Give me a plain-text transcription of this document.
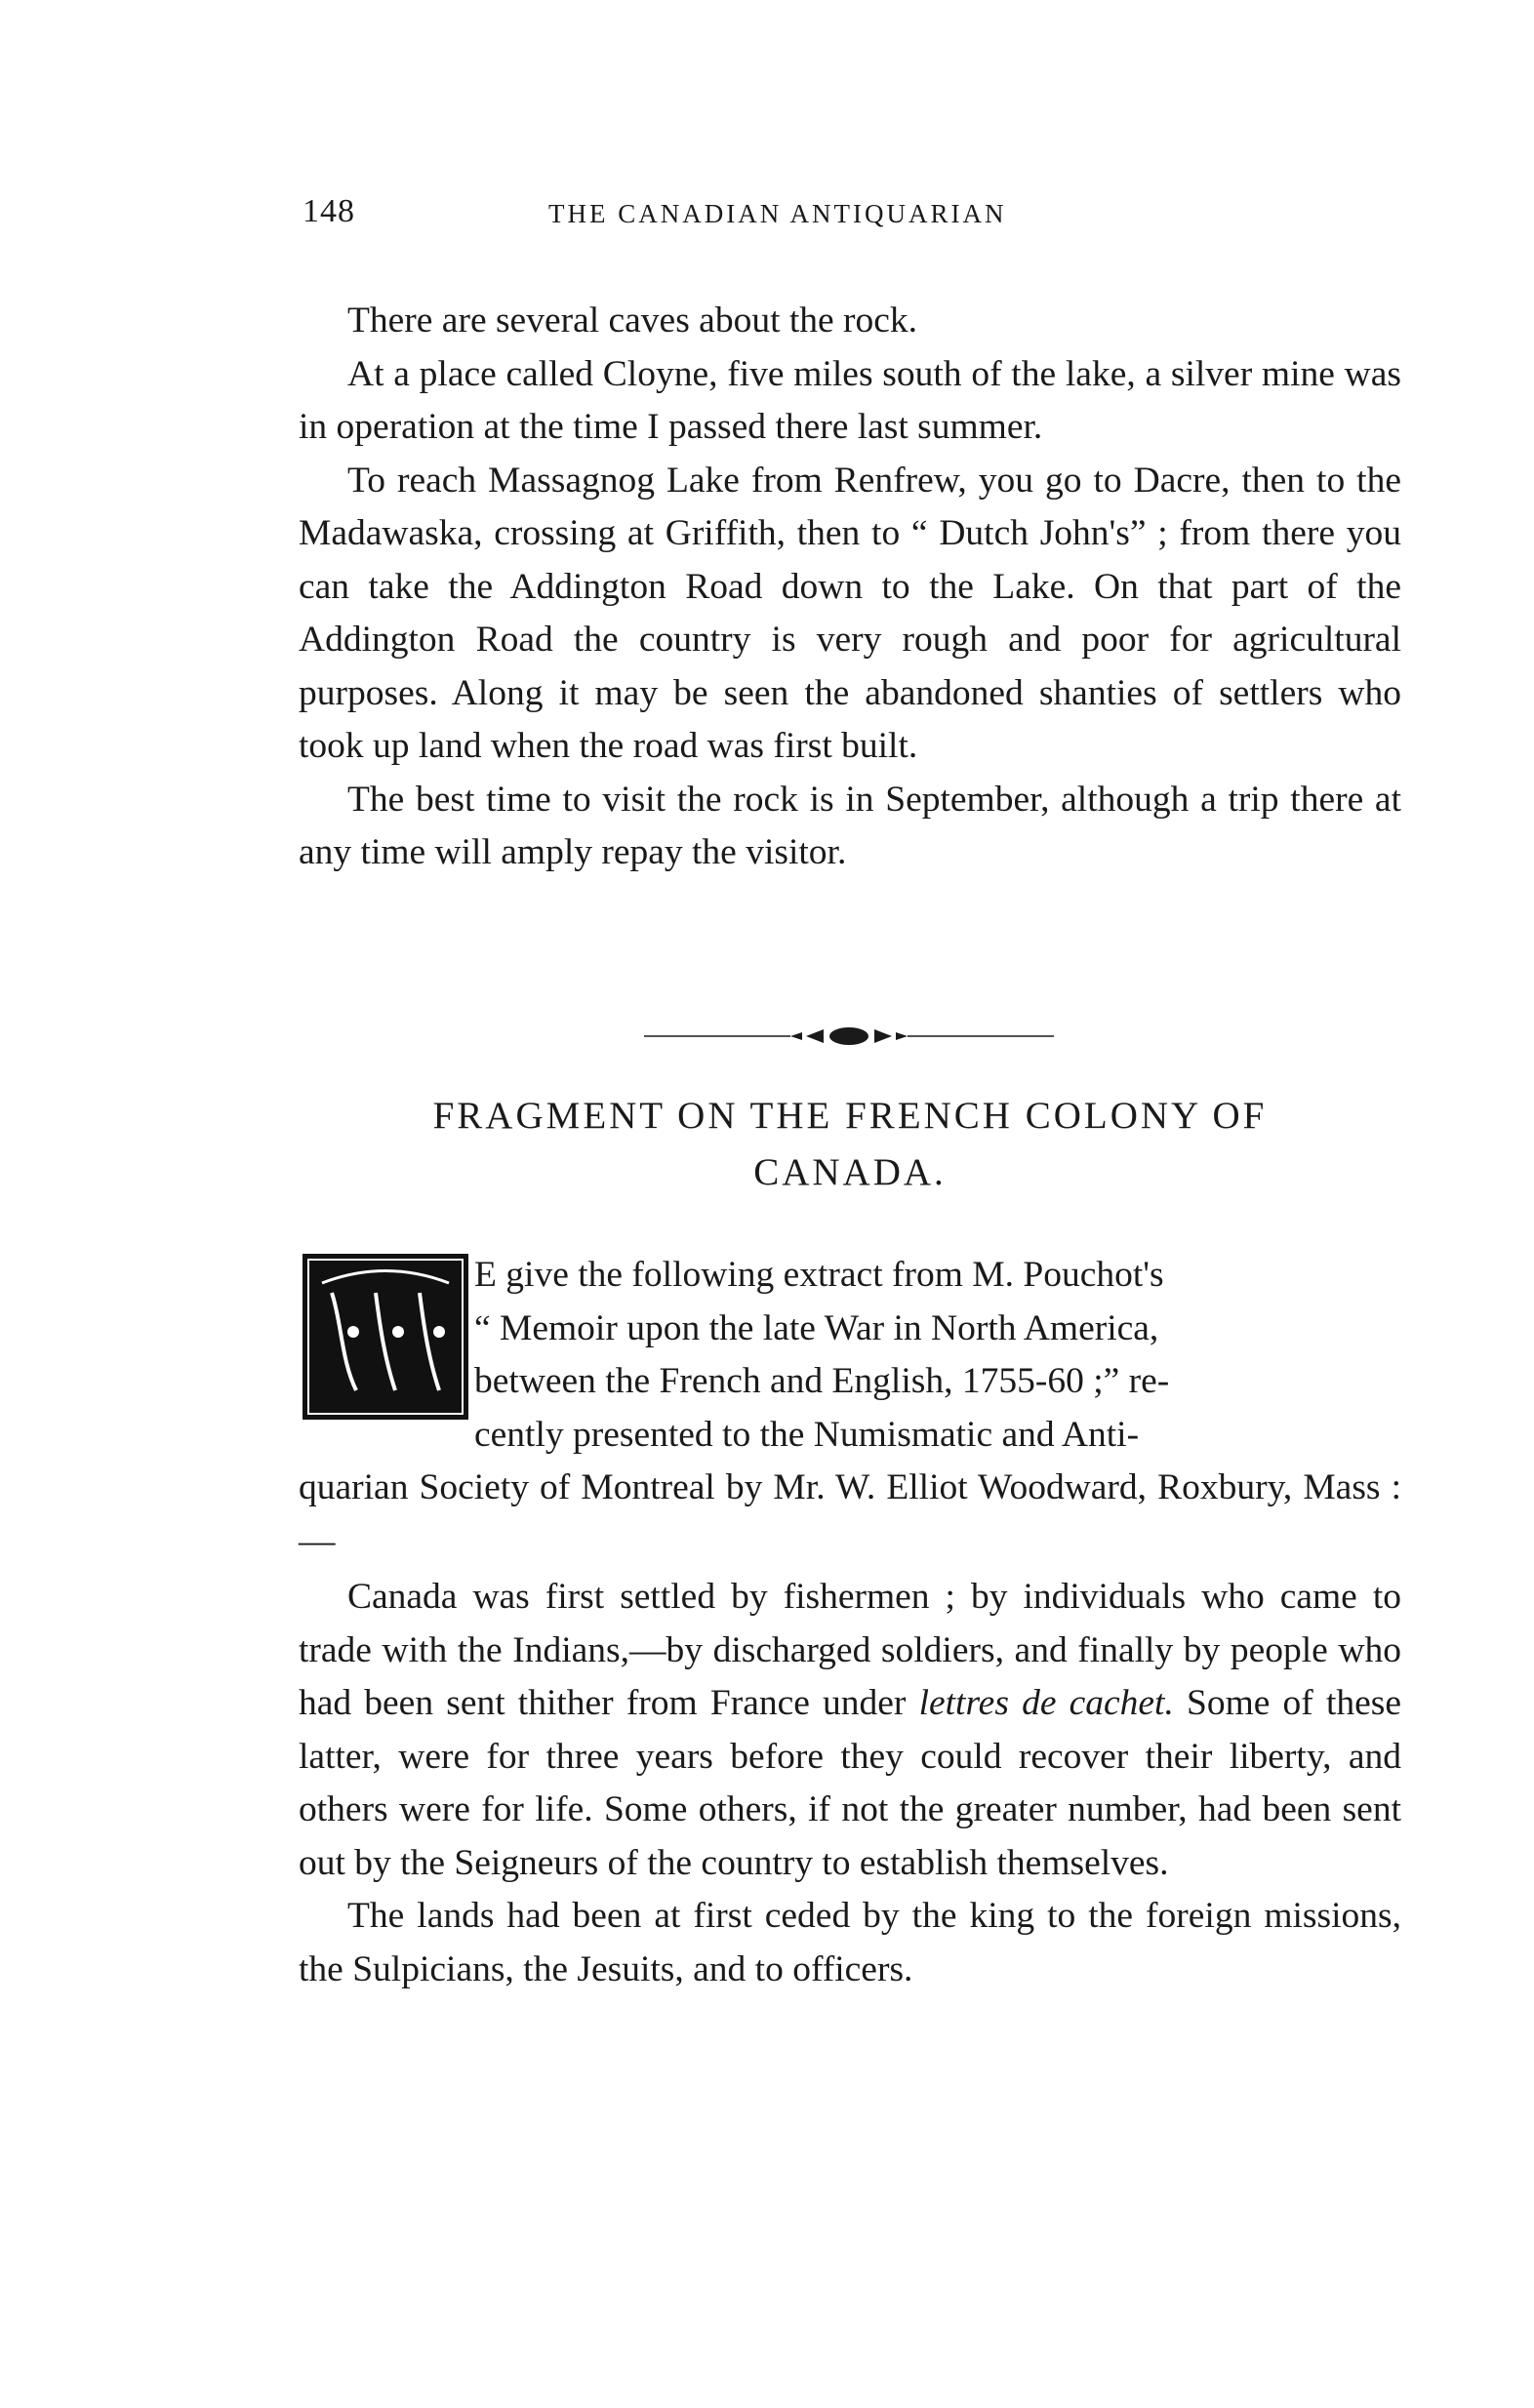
148	THE CANADIAN ANTIQUARIAN

There are several caves about the rock.

At a place called Cloyne, five miles south of the lake, a silver mine was in operation at the time I passed there last summer.

To reach Massagnog Lake from Renfrew, you go to Dacre, then to the Madawaska, crossing at Griffith, then to “ Dutch John's” ; from there you can take the Addington Road down to the Lake. On that part of the Addington Road the country is very rough and poor for agricultural purposes. Along it may be seen the abandoned shanties of settlers who took up land when the road was first built.

The best time to visit the rock is in September, although a trip there at any time will amply repay the visitor.

FRAGMENT ON THE FRENCH COLONY OF
CANADA.
E give the following extract from M. Pouchot's
“ Memoir upon the late War in North America,
between the French and English, 1755-60 ;” re-
cently presented to the Numismatic and Anti-
quarian Society of Montreal by Mr. W. Elliot Woodward, Roxbury, Mass :—

Canada was first settled by fishermen ; by individuals who came to trade with the Indians,—by discharged soldiers, and finally by people who had been sent thither from France under lettres de cachet. Some of these latter, were for three years before they could recover their liberty, and others were for life. Some others, if not the greater number, had been sent out by the Seigneurs of the country to establish themselves.

The lands had been at first ceded by the king to the foreign missions, the Sulpicians, the Jesuits, and to officers.
